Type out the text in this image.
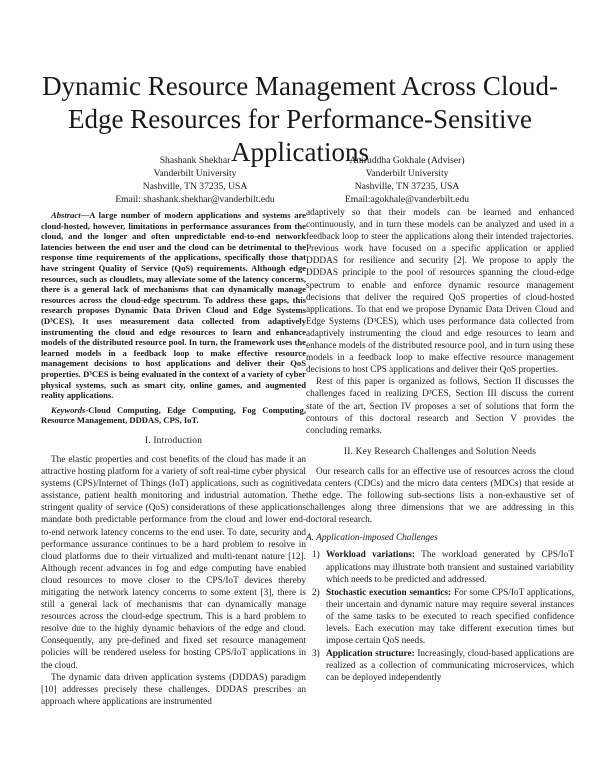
Dynamic Resource Management Across Cloud-Edge Resources for Performance-Sensitive Applications
Shashank Shekhar
Vanderbilt University
Nashville, TN 37235, USA
Email: shashank.shekhar@vanderbilt.edu
Aniruddha Gokhale (Adviser)
Vanderbilt University
Nashville, TN 37235, USA
Email:agokhale@vanderbilt.edu

Abstract—A large number of modern applications and systems are cloud-hosted, however, limitations in performance assurances from the cloud, and the longer and often unpredictable end-to-end network latencies between the end user and the cloud can be detrimental to the response time requirements of the applications, specifically those that have stringent Quality of Service (QoS) requirements. Although edge resources, such as cloudlets, may alleviate some of the latency concerns, there is a general lack of mechanisms that can dynamically manage resources across the cloud-edge spectrum. To address these gaps, this research proposes Dynamic Data Driven Cloud and Edge Systems (D³CES). It uses measurement data collected from adaptively instrumenting the cloud and edge resources to learn and enhance models of the distributed resource pool. In turn, the framework uses the learned models in a feedback loop to make effective resource management decisions to host applications and deliver their QoS properties. D³CES is being evaluated in the context of a variety of cyber physical systems, such as smart city, online games, and augmented reality applications.

Keywords-Cloud Computing, Edge Computing, Fog Computing, Resource Management, DDDAS, CPS, IoT.

I. Introduction

The elastic properties and cost benefits of the cloud has made it an attractive hosting platform for a variety of soft real-time cyber physical systems (CPS)/Internet of Things (IoT) applications, such as cognitive assistance, patient health monitoring and industrial automation. The stringent quality of service (QoS) considerations of these applications mandate both predictable performance from the cloud and lower end-to-end network latency concerns to the end user. To date, security and performance assurance continues to be a hard problem to resolve in cloud platforms due to their virtualized and multi-tenant nature [12]. Although recent advances in fog and edge computing have enabled cloud resources to move closer to the CPS/IoT devices thereby mitigating the network latency concerns to some extent [3], there is still a general lack of mechanisms that can dynamically manage resources across the cloud-edge spectrum. This is a hard problem to resolve due to the highly dynamic behaviors of the edge and cloud. Consequently, any pre-defined and fixed set resource management policies will be rendered useless for hosting CPS/IoT applications in the cloud.

The dynamic data driven application systems (DDDAS) paradigm [10] addresses precisely these challenges. DDDAS prescribes an approach where applications are instrumented

adaptively so that their models can be learned and enhanced continuously, and in turn these models can be analyzed and used in a feedback loop to steer the applications along their intended trajectories. Previous work have focused on a specific application or applied DDDAS for resilience and security [2]. We propose to apply the DDDAS principle to the pool of resources spanning the cloud-edge spectrum to enable and enforce dynamic resource management decisions that deliver the required QoS properties of cloud-hosted applications. To that end we propose Dynamic Data Driven Cloud and Edge Systems (D³CES), which uses performance data collected from adaptively instrumenting the cloud and edge resources to learn and enhance models of the distributed resource pool, and in turn using these models in a feedback loop to make effective resource management decisions to host CPS applications and deliver their QoS properties.

Rest of this paper is organized as follows, Section II discusses the challenges faced in realizing D³CES, Section III discuss the current state of the art, Section IV proposes a set of solutions that form the contours of this doctoral research and Section V provides the concluding remarks.

II. Key Research Challenges and Solution Needs

Our research calls for an effective use of resources across the cloud data centers (CDCs) and the micro data centers (MDCs) that reside at the edge. The following sub-sections lists a non-exhaustive set of challenges along three dimensions that we are addressing in this doctoral research.

A. Application-imposed Challenges
1) Workload variations: The workload generated by CPS/IoT applications may illustrate both transient and sustained variability which needs to be predicted and addressed.
2) Stochastic execution semantics: For some CPS/IoT applications, their uncertain and dynamic nature may require several instances of the same tasks to be executed to reach specified confidence levels. Each execution may take different execution times but impose certain QoS needs.
3) Application structure: Increasingly, cloud-based applications are realized as a collection of communicating microservices, which can be deployed independently
